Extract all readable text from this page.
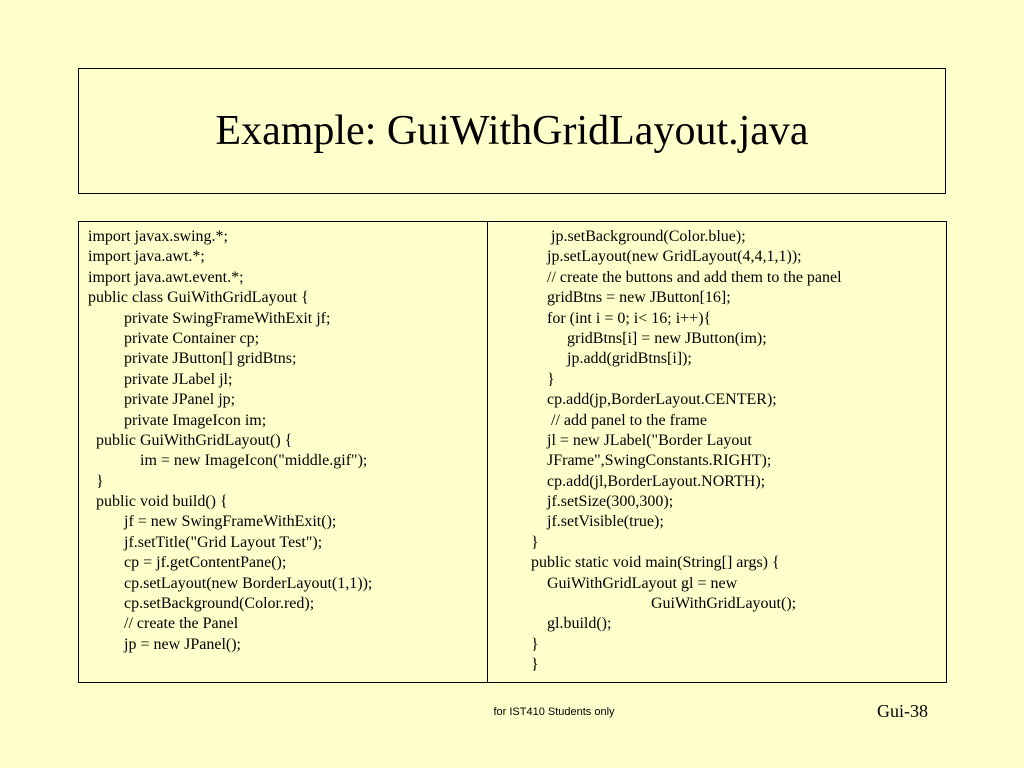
Example: GuiWithGridLayout.java
import javax.swing.*;
import java.awt.*;
import java.awt.event.*;
public class GuiWithGridLayout {
private SwingFrameWithExit jf;
private Container cp;
private JButton[] gridBtns;
private JLabel jl;
private JPanel jp;
private ImageIcon im;
public GuiWithGridLayout() {
im = new ImageIcon("middle.gif");
}
public void build() {
jf = new SwingFrameWithExit();
jf.setTitle("Grid Layout Test");
cp = jf.getContentPane();
cp.setLayout(new BorderLayout(1,1));
cp.setBackground(Color.red);
// create the Panel
jp = new JPanel();
jp.setBackground(Color.blue);
jp.setLayout(new GridLayout(4,4,1,1));
// create the buttons and add them to the panel
gridBtns = new JButton[16];
for (int i = 0; i< 16; i++){
gridBtns[i] = new JButton(im);
jp.add(gridBtns[i]);
}
cp.add(jp,BorderLayout.CENTER);
// add panel to the frame
jl = new JLabel("Border Layout
JFrame",SwingConstants.RIGHT);
cp.add(jl,BorderLayout.NORTH);
jf.setSize(300,300);
jf.setVisible(true);
}
public static void main(String[] args) {
GuiWithGridLayout gl = new
GuiWithGridLayout();
gl.build();
}
}
for IST410 Students only	Gui-38
